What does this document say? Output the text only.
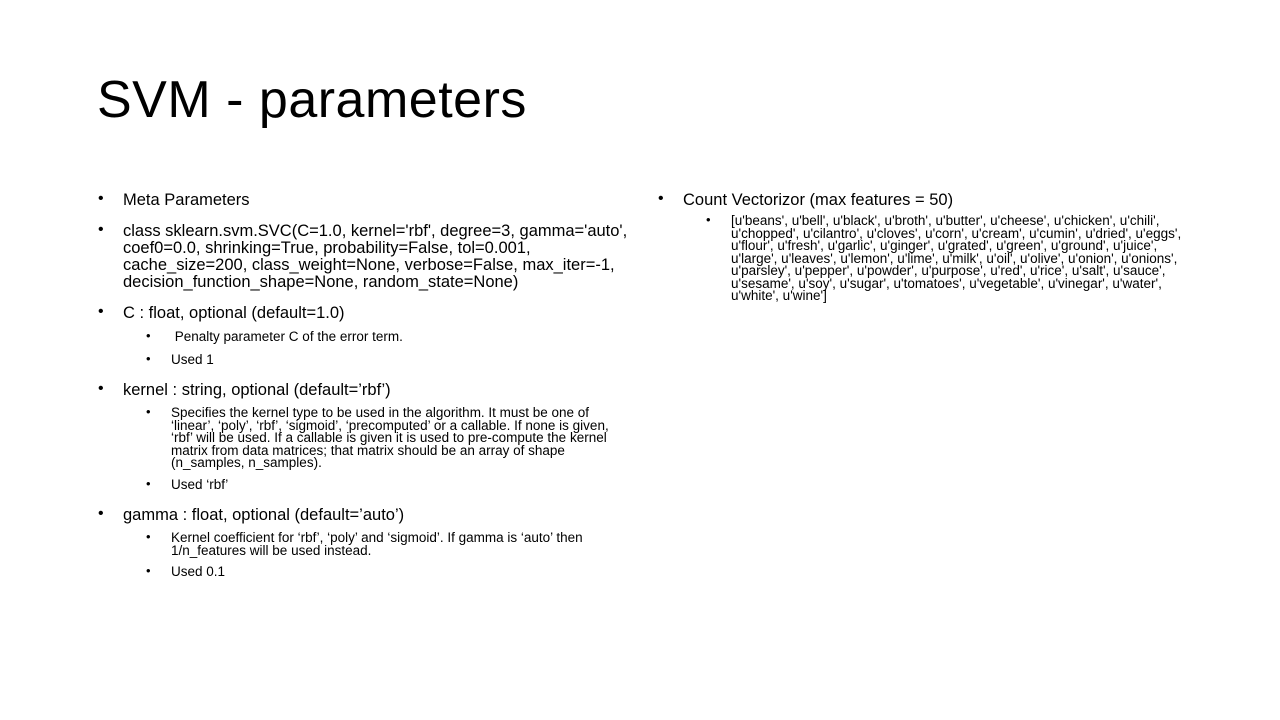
SVM - parameters
• Meta Parameters
• class sklearn.svm.SVC(C=1.0, kernel='rbf', degree=3, gamma='auto', coef0=0.0, shrinking=True, probability=False, tol=0.001, cache_size=200, class_weight=None, verbose=False, max_iter=-1, decision_function_shape=None, random_state=None)
• C : float, optional (default=1.0)
• Penalty parameter C of the error term.
• Used 1
• kernel : string, optional (default=’rbf’)
• Specifies the kernel type to be used in the algorithm. It must be one of ‘linear’, ‘poly’, ‘rbf’, ‘sigmoid’, ‘precomputed’ or a callable. If none is given, ‘rbf’ will be used. If a callable is given it is used to pre-compute the kernel matrix from data matrices; that matrix should be an array of shape (n_samples, n_samples).
• Used ‘rbf’
• gamma : float, optional (default=’auto’)
• Kernel coefficient for ‘rbf’, ‘poly’ and ‘sigmoid’. If gamma is ‘auto’ then 1/n_features will be used instead.
• Used 0.1
• Count Vectorizor (max features = 50)
• [u'beans', u'bell', u'black', u'broth', u'butter', u'cheese', u'chicken', u'chili', u'chopped', u'cilantro', u'cloves', u'corn', u'cream', u'cumin', u'dried', u'eggs', u'flour', u'fresh', u'garlic', u'ginger', u'grated', u'green', u'ground', u'juice', u'large', u'leaves', u'lemon', u'lime', u'milk', u'oil', u'olive', u'onion', u'onions', u'parsley', u'pepper', u'powder', u'purpose', u'red', u'rice', u'salt', u'sauce', u'sesame', u'soy', u'sugar', u'tomatoes', u'vegetable', u'vinegar', u'water', u'white', u'wine']
